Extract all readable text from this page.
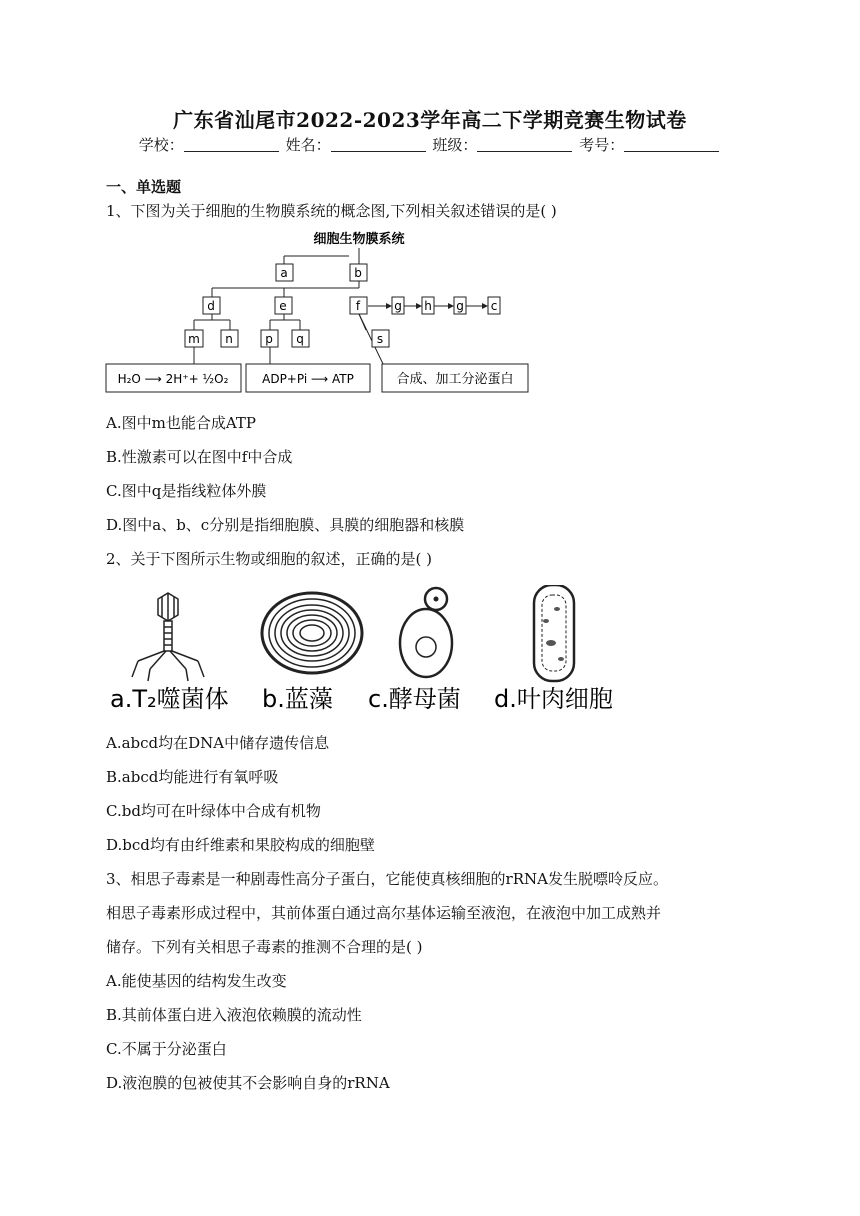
广东省汕尾市2022-2023学年高二下学期竞赛生物试卷
学校：	姓名：	班级：	考号：
一、单选题
1、下图为关于细胞的生物膜系统的概念图,下列相关叙述错误的是( )
细胞生物膜系统
a	b
d	e	f	g h g c
m n	p q	s
H₂O ⟶ 2H⁺+ ½O₂	ADP+Pi ⟶ ATP	合成、加工分泌蛋白
A.图中m也能合成ATP
B.性激素可以在图中f中合成
C.图中q是指线粒体外膜
D.图中a、b、c分别是指细胞膜、具膜的细胞器和核膜
2、关于下图所示生物或细胞的叙述，正确的是( )
a.T₂噬菌体 b.蓝藻 c.酵母菌 d.叶肉细胞
A.abcd均在DNA中储存遗传信息
B.abcd均能进行有氧呼吸
C.bd均可在叶绿体中合成有机物
D.bcd均有由纤维素和果胶构成的细胞壁
3、相思子毒素是一种剧毒性高分子蛋白，它能使真核细胞的rRNA发生脱嘌呤反应。
相思子毒素形成过程中，其前体蛋白通过高尔基体运输至液泡，在液泡中加工成熟并
储存。下列有关相思子毒素的推测不合理的是( )
A.能使基因的结构发生改变
B.其前体蛋白进入液泡依赖膜的流动性
C.不属于分泌蛋白
D.液泡膜的包被使其不会影响自身的rRNA
